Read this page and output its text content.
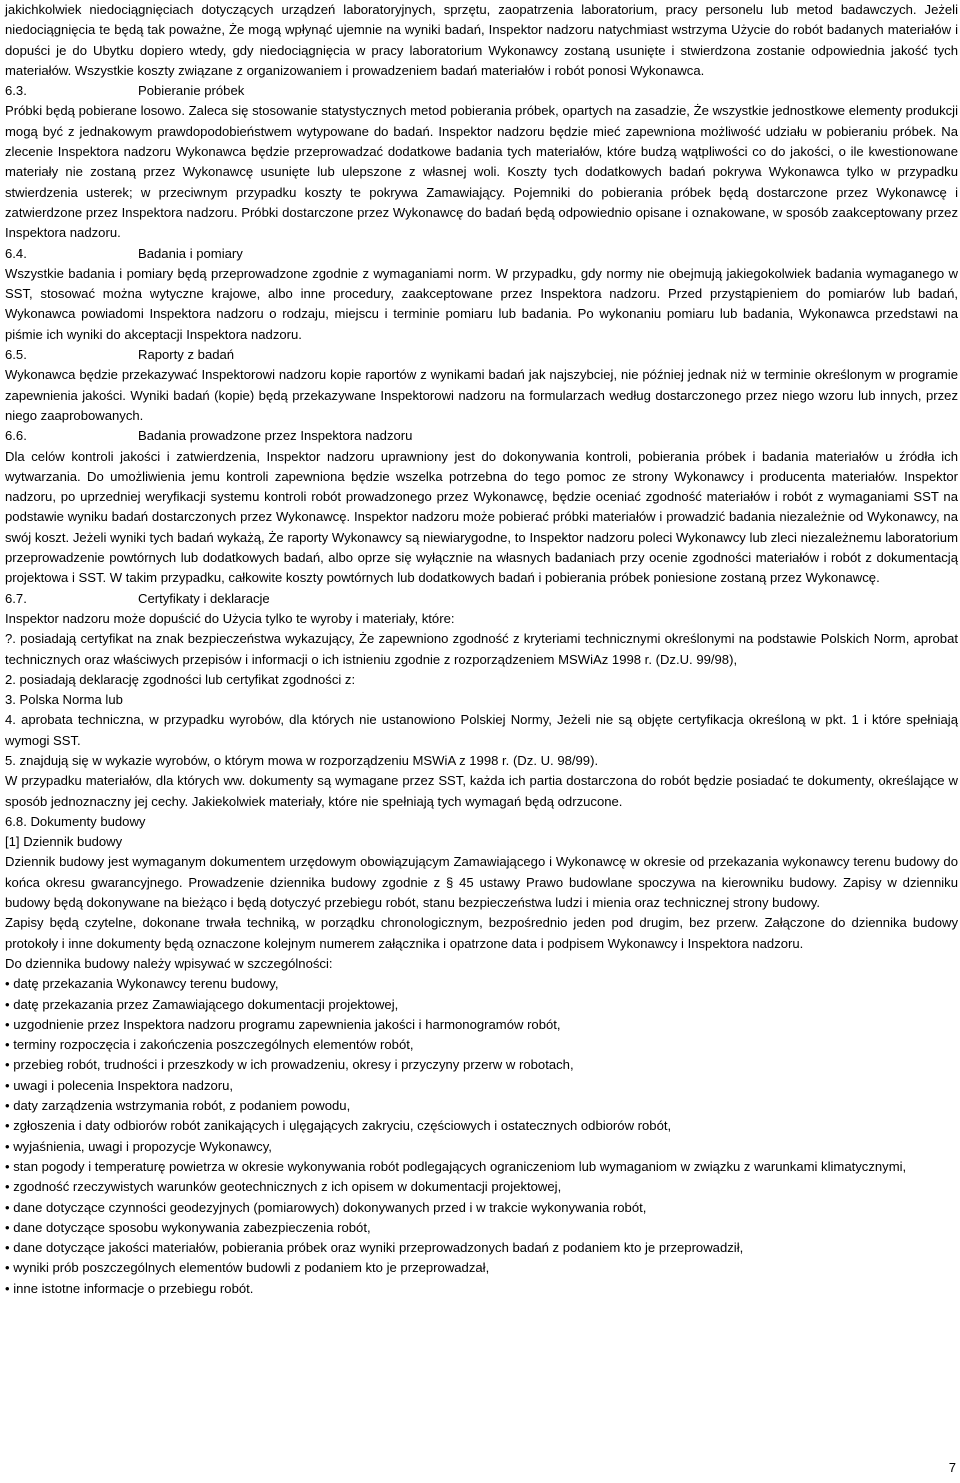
jakichkolwiek niedociągnięciach dotyczących urządzeń laboratoryjnych, sprzętu, zaopatrzenia laboratorium, pracy personelu lub metod badawczych. Jeżeli niedociągnięcia te będą tak poważne, Że mogą wpłynąć ujemnie na wyniki badań, Inspektor nadzoru natychmiast wstrzyma Użycie do robót badanych materiałów i dopuści je do Ubytku dopiero wtedy, gdy niedociągnięcia w pracy laboratorium Wykonawcy zostaną usunięte i stwierdzona zostanie odpowiednia jakość tych materiałów. Wszystkie koszty związane z organizowaniem i prowadzeniem badań materiałów i robót ponosi Wykonawca.

6.3.	Pobieranie próbek

Próbki będą pobierane losowo. Zaleca się stosowanie statystycznych metod pobierania próbek, opartych na zasadzie, Że wszystkie jednostkowe elementy produkcji mogą być z jednakowym prawdopodobieństwem wytypowane do badań. Inspektor nadzoru będzie mieć zapewniona możliwość udziału w pobieraniu próbek. Na zlecenie Inspektora nadzoru Wykonawca będzie przeprowadzać dodatkowe badania tych materiałów, które budzą wątpliwości co do jakości, o ile kwestionowane materiały nie zostaną przez Wykonawcę usunięte lub ulepszone z własnej woli. Koszty tych dodatkowych badań pokrywa Wykonawca tylko w przypadku stwierdzenia usterek; w przeciwnym przypadku koszty te pokrywa Zamawiający. Pojemniki do pobierania próbek będą dostarczone przez Wykonawcę i zatwierdzone przez Inspektora nadzoru. Próbki dostarczone przez Wykonawcę do badań będą odpowiednio opisane i oznakowane, w sposób zaakceptowany przez Inspektora nadzoru.

6.4.	Badania i pomiary

Wszystkie badania i pomiary będą przeprowadzone zgodnie z wymaganiami norm. W przypadku, gdy normy nie obejmują jakiegokolwiek badania wymaganego w SST, stosować można wytyczne krajowe, albo inne procedury, zaakceptowane przez Inspektora nadzoru. Przed przystąpieniem do pomiarów lub badań, Wykonawca powiadomi Inspektora nadzoru o rodzaju, miejscu i terminie pomiaru lub badania. Po wykonaniu pomiaru lub badania, Wykonawca przedstawi na piśmie ich wyniki do akceptacji Inspektora nadzoru.

6.5.	Raporty z badań

Wykonawca będzie przekazywać Inspektorowi nadzoru kopie raportów z wynikami badań jak najszybciej, nie później jednak niż w terminie określonym w programie zapewnienia jakości. Wyniki badań (kopie) będą przekazywane Inspektorowi nadzoru na formularzach według dostarczonego przez niego wzoru lub innych, przez niego zaaprobowanych.

6.6.	Badania prowadzone przez Inspektora nadzoru

Dla celów kontroli jakości i zatwierdzenia, Inspektor nadzoru uprawniony jest do dokonywania kontroli, pobierania próbek i badania materiałów u źródła ich wytwarzania. Do umożliwienia jemu kontroli zapewniona będzie wszelka potrzebna do tego pomoc ze strony Wykonawcy i producenta materiałów. Inspektor nadzoru, po uprzedniej weryfikacji systemu kontroli robót prowadzonego przez Wykonawcę, będzie oceniać zgodność materiałów i robót z wymaganiami SST na podstawie wyniku badań dostarczonych przez Wykonawcę. Inspektor nadzoru może pobierać próbki materiałów i prowadzić badania niezależnie od Wykonawcy, na swój koszt. Jeżeli wyniki tych badań wykażą, Że raporty Wykonawcy są niewiarygodne, to Inspektor nadzoru poleci Wykonawcy lub zleci niezależnemu laboratorium przeprowadzenie powtórnych lub dodatkowych badań, albo oprze się wyłącznie na własnych badaniach przy ocenie zgodności materiałów i robót z dokumentacją projektowa i SST. W takim przypadku, całkowite koszty powtórnych lub dodatkowych badań i pobierania próbek poniesione zostaną przez Wykonawcę.

6.7.	Certyfikaty i deklaracje

Inspektor nadzoru może dopuścić do Użycia tylko te wyroby i materiały, które:

?. posiadają certyfikat na znak bezpieczeństwa wykazujący, Że zapewniono zgodność z kryteriami technicznymi określonymi na podstawie Polskich Norm, aprobat technicznych oraz właściwych przepisów i informacji o ich istnieniu zgodnie z rozporządzeniem MSWiAz 1998 r. (Dz.U. 99/98),

2. posiadają deklarację zgodności lub certyfikat zgodności z:

3. Polska Norma lub

4. aprobata techniczna, w przypadku wyrobów, dla których nie ustanowiono Polskiej Normy, Jeżeli nie są objęte certyfikacja określoną w pkt. 1 i które spełniają wymogi SST.

5. znajdują się w wykazie wyrobów, o którym mowa w rozporządzeniu MSWiA z 1998 r. (Dz. U. 98/99).

W przypadku materiałów, dla których ww. dokumenty są wymagane przez SST, każda ich partia dostarczona do robót będzie posiadać te dokumenty, określające w sposób jednoznaczny jej cechy. Jakiekolwiek materiały, które nie spełniają tych wymagań będą odrzucone.

6.8. Dokumenty budowy

[1] Dziennik budowy

Dziennik budowy jest wymaganym dokumentem urzędowym obowiązującym Zamawiającego i Wykonawcę w okresie od przekazania wykonawcy terenu budowy do końca okresu gwarancyjnego. Prowadzenie dziennika budowy zgodnie z § 45 ustawy Prawo budowlane spoczywa na kierowniku budowy. Zapisy w dzienniku budowy będą dokonywane na bieżąco i będą dotyczyć przebiegu robót, stanu bezpieczeństwa ludzi i mienia oraz technicznej strony budowy.

Zapisy będą czytelne, dokonane trwała techniką, w porządku chronologicznym, bezpośrednio jeden pod drugim, bez przerw. Załączone do dziennika budowy protokoły i inne dokumenty będą oznaczone kolejnym numerem załącznika i opatrzone data i podpisem Wykonawcy i Inspektora nadzoru.

Do dziennika budowy należy wpisywać w szczególności:

• datę przekazania Wykonawcy terenu budowy,

• datę przekazania przez Zamawiającego dokumentacji projektowej,

• uzgodnienie przez Inspektora nadzoru programu zapewnienia jakości i harmonogramów robót,

• terminy rozpoczęcia i zakończenia poszczególnych elementów robót,

• przebieg robót, trudności i przeszkody w ich prowadzeniu, okresy i przyczyny przerw w robotach,

• uwagi i polecenia Inspektora nadzoru,

• daty zarządzenia wstrzymania robót, z podaniem powodu,

• zgłoszenia i daty odbiorów robót zanikających i ulęgających zakryciu, częściowych i ostatecznych odbiorów robót,

• wyjaśnienia, uwagi i propozycje Wykonawcy,

• stan pogody i temperaturę powietrza w okresie wykonywania robót podlegających ograniczeniom lub wymaganiom w związku z warunkami klimatycznymi,

• zgodność rzeczywistych warunków geotechnicznych z ich opisem w dokumentacji projektowej,

• dane dotyczące czynności geodezyjnych (pomiarowych) dokonywanych przed i w trakcie wykonywania robót,

• dane dotyczące sposobu wykonywania zabezpieczenia robót,

• dane dotyczące jakości materiałów, pobierania próbek oraz wyniki przeprowadzonych badań z podaniem kto je przeprowadził,

• wyniki prób poszczególnych elementów budowli z podaniem kto je przeprowadzał,

• inne istotne informacje o przebiegu robót.

7
